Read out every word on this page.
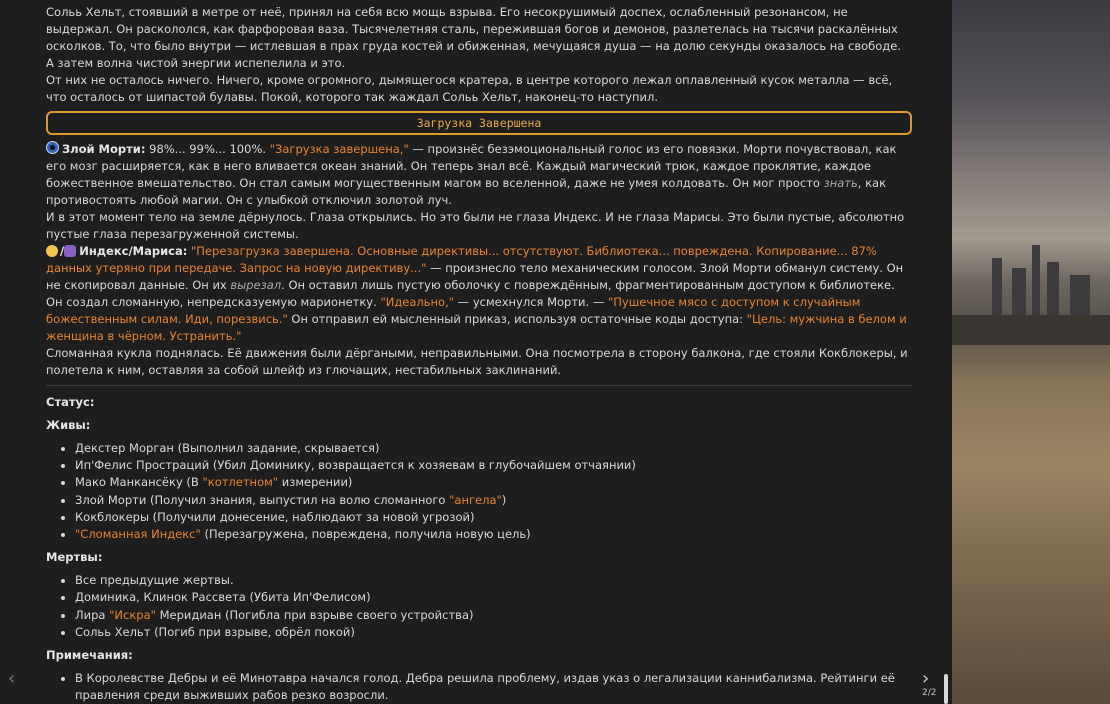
Сольь Хельт, стоявший в метре от неё, принял на себя всю мощь взрыва. Его несокрушимый доспех, ослабленный резонансом, не выдержал. Он раскололся, как фарфоровая ваза. Тысячелетняя сталь, пережившая богов и демонов, разлетелась на тысячи раскалённых осколков. То, что было внутри — истлевшая в прах груда костей и обиженная, мечущаяся душа — на долю секунды оказалось на свободе. А затем волна чистой энергии испепелила и это.

От них не осталось ничего. Ничего, кроме огромного, дымящегося кратера, в центре которого лежал оплавленный кусок металла — всё, что осталось от шипастой булавы. Покой, которого так жаждал Сольь Хельт, наконец-то наступил.

Загрузка Завершена

Злой Морти: 98%... 99%... 100%. "Загрузка завершена," — произнёс безэмоциональный голос из его повязки. Морти почувствовал, как его мозг расширяется, как в него вливается океан знаний. Он теперь знал всё. Каждый магический трюк, каждое проклятие, каждое божественное вмешательство. Он стал самым могущественным магом во вселенной, даже не умея колдовать. Он мог просто знать, как противостоять любой магии. Он с улыбкой отключил золотой луч.

И в этот момент тело на земле дёрнулось. Глаза открылись. Но это были не глаза Индекс. И не глаза Марисы. Это были пустые, абсолютно пустые глаза перезагруженной системы.

/ Индекс/Мариса: "Перезагрузка завершена. Основные директивы... отсутствуют. Библиотека... повреждена. Копирование... 87% данных утеряно при передаче. Запрос на новую директиву..." — произнесло тело механическим голосом. Злой Морти обманул систему. Он не скопировал данные. Он их вырезал. Он оставил лишь пустую оболочку с повреждённым, фрагментированным доступом к библиотеке. Он создал сломанную, непредсказуемую марионетку. "Идеально," — усмехнулся Морти. — "Пушечное мясо с доступом к случайным божественным силам. Иди, порезвись." Он отправил ей мысленный приказ, используя остаточные коды доступа: "Цель: мужчина в белом и женщина в чёрном. Устранить."

Сломанная кукла поднялась. Её движения были дёргаными, неправильными. Она посмотрела в сторону балкона, где стояли Кокблокеры, и полетела к ним, оставляя за собой шлейф из глючащих, нестабильных заклинаний.

Статус:
Живы:
• Декстер Морган (Выполнил задание, скрывается)
• Ип'Фелис Простраций (Убил Доминику, возвращается к хозяевам в глубочайшем отчаянии)
• Мако Манкансёку (В "котлетном" измерении)
• Злой Морти (Получил знания, выпустил на волю сломанного "ангела")
• Кокблокеры (Получили донесение, наблюдают за новой угрозой)
• "Сломанная Индекс" (Перезагружена, повреждена, получила новую цель)
Мертвы:
• Все предыдущие жертвы.
• Доминика, Клинок Рассвета (Убита Ип'Фелисом)
• Лира "Искра" Меридиан (Погибла при взрыве своего устройства)
• Сольь Хельт (Погиб при взрыве, обрёл покой)
Примечания:
• В Королевстве Дебры и её Минотавра начался голод. Дебра решила проблему, издав указ о легализации каннибализма. Рейтинги её правления среди выживших рабов резко возросли.
‹	›
2/2
